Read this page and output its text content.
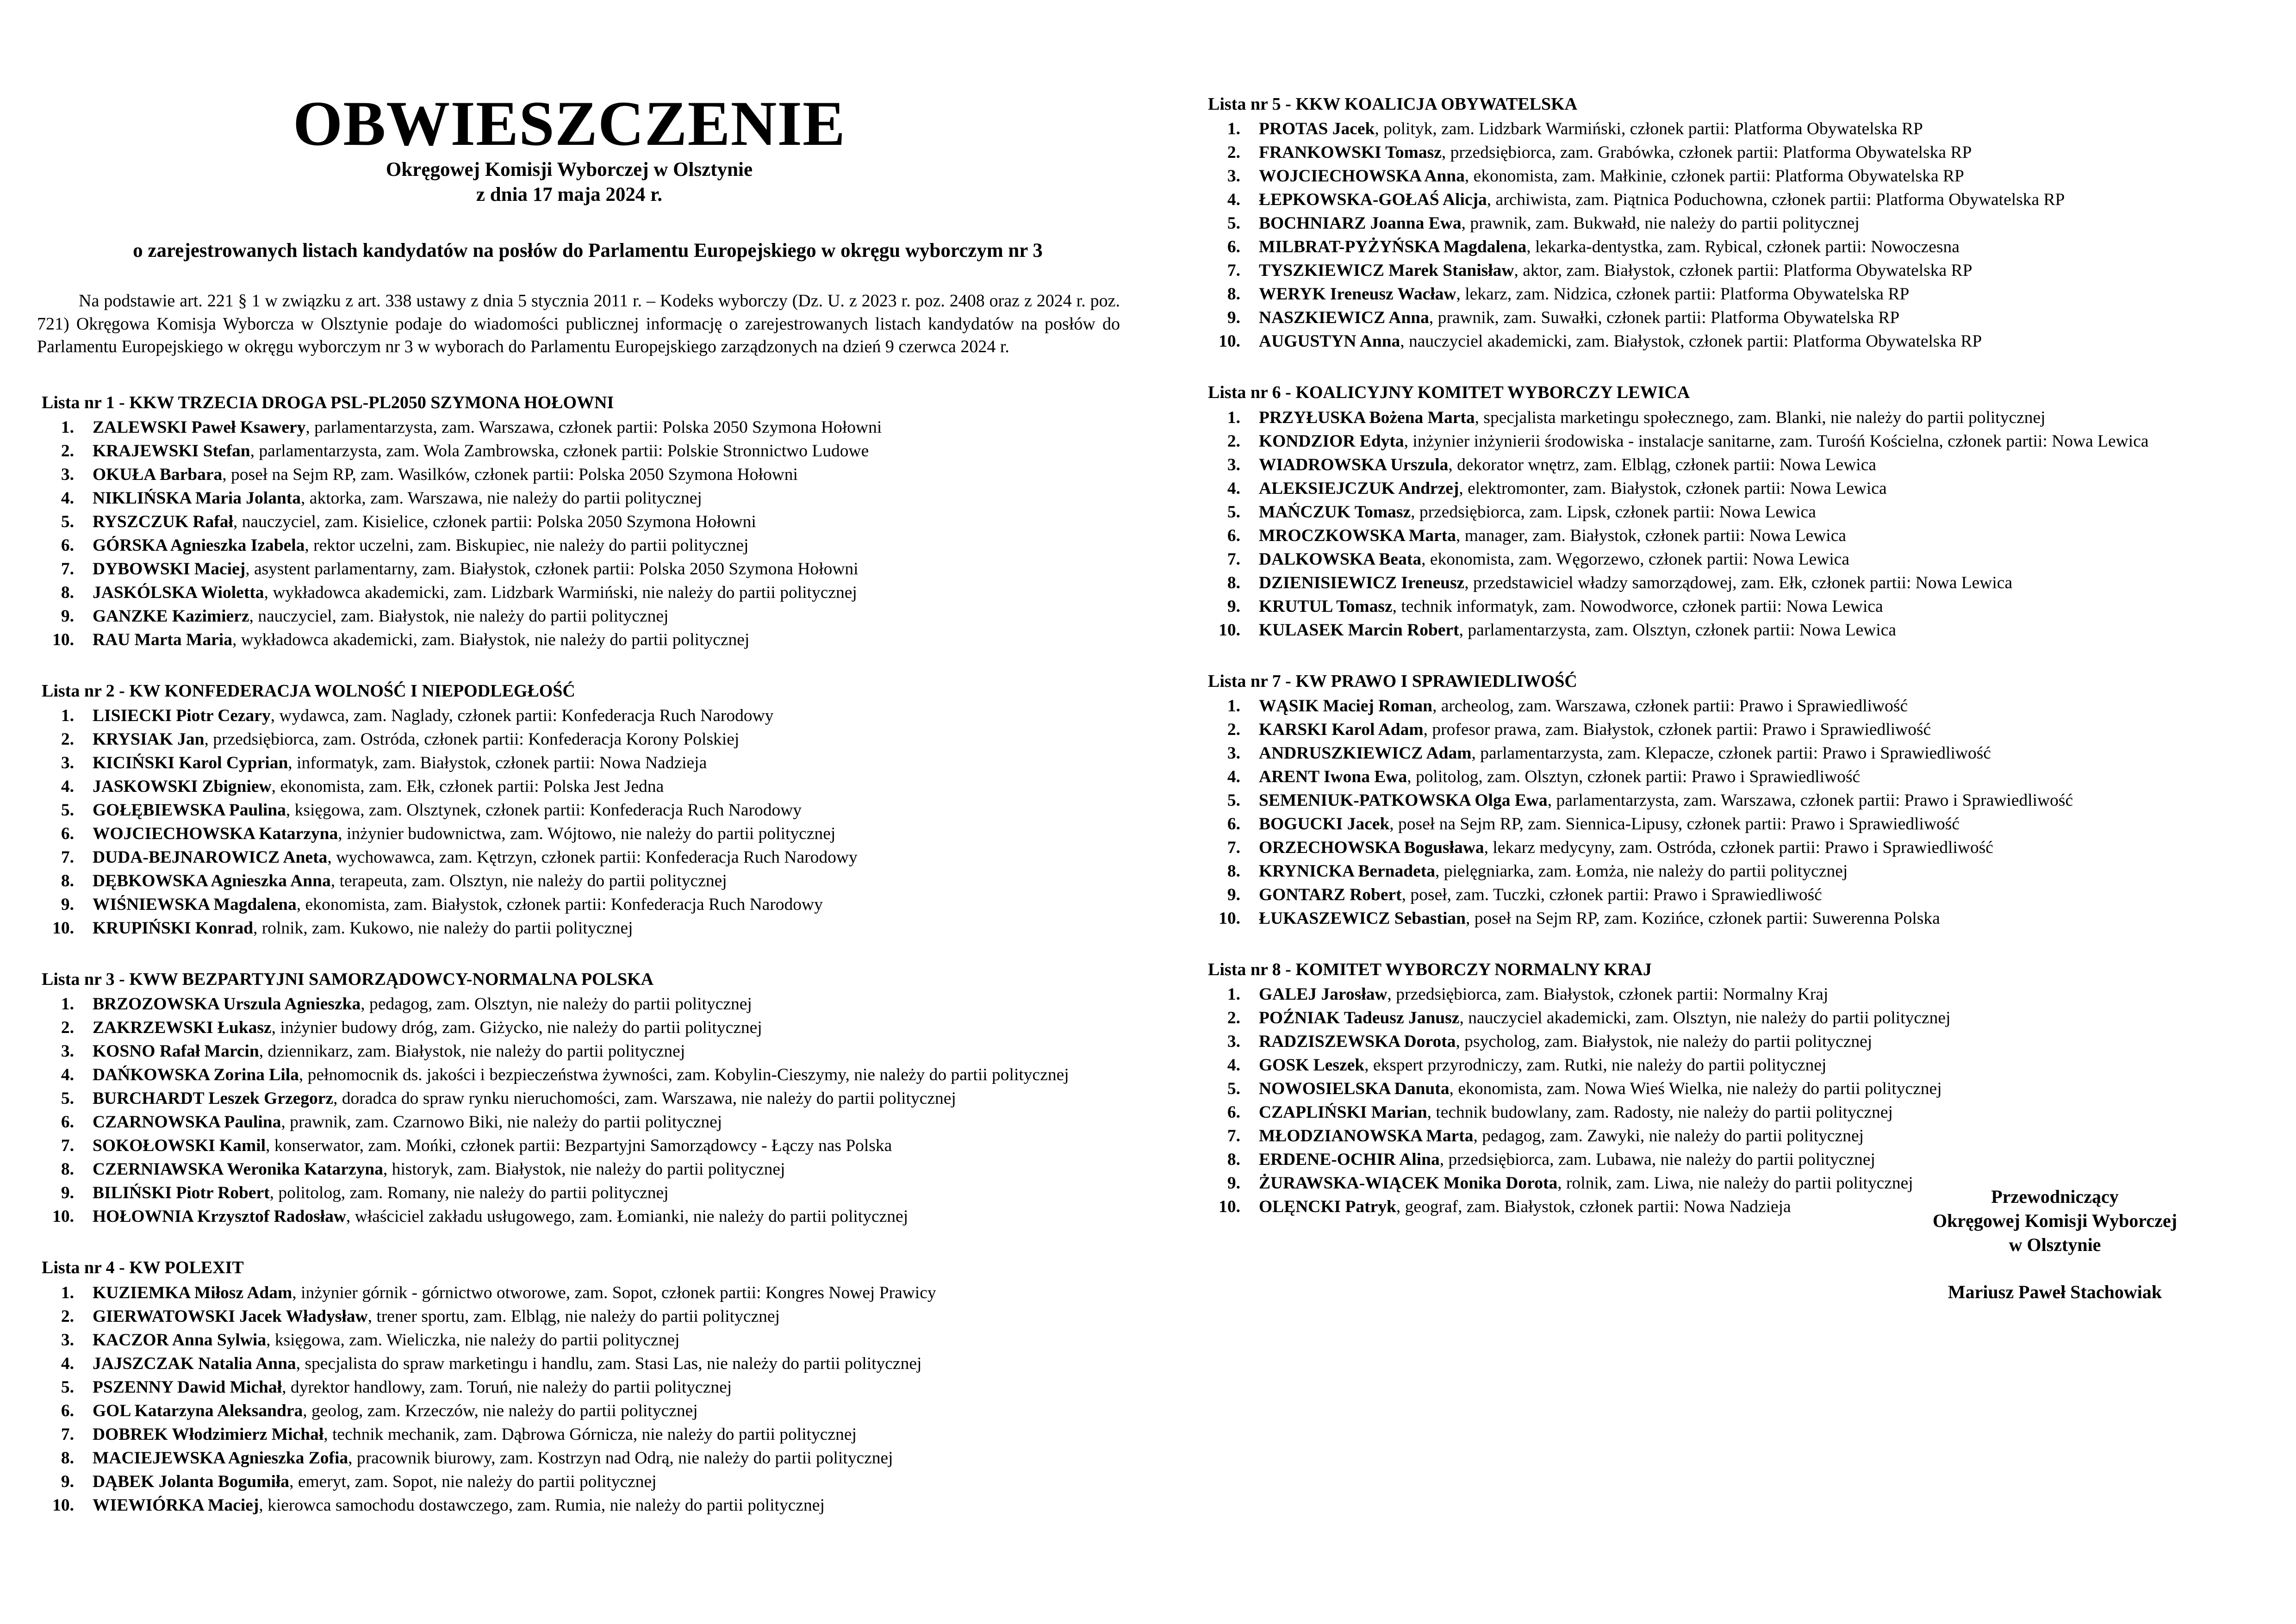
OBWIESZCZENIE

Okręgowej Komisji Wyborczej w Olsztynie

z dnia 17 maja 2024 r.

o zarejestrowanych listach kandydatów na posłów do Parlamentu Europejskiego w okręgu wyborczym nr 3

Na podstawie art. 221 § 1 w związku z art. 338 ustawy z dnia 5 stycznia 2011 r. – Kodeks wyborczy (Dz. U. z 2023 r. poz. 2408 oraz z 2024 r. poz. 721) Okręgowa Komisja Wyborcza w Olsztynie podaje do wiadomości publicznej informację o zarejestrowanych listach kandydatów na posłów do Parlamentu Europejskiego w okręgu wyborczym nr 3 w wyborach do Parlamentu Europejskiego zarządzonych na dzień 9 czerwca 2024 r.

Lista nr 1 - KKW TRZECIA DROGA PSL-PL2050 SZYMONA HOŁOWNI
1.	ZALEWSKI Paweł Ksawery, parlamentarzysta, zam. Warszawa, członek partii: Polska 2050 Szymona Hołowni
2.	KRAJEWSKI Stefan, parlamentarzysta, zam. Wola Zambrowska, członek partii: Polskie Stronnictwo Ludowe
3.	OKUŁA Barbara, poseł na Sejm RP, zam. Wasilków, członek partii: Polska 2050 Szymona Hołowni
4.	NIKLIŃSKA Maria Jolanta, aktorka, zam. Warszawa, nie należy do partii politycznej
5.	RYSZCZUK Rafał, nauczyciel, zam. Kisielice, członek partii: Polska 2050 Szymona Hołowni
6.	GÓRSKA Agnieszka Izabela, rektor uczelni, zam. Biskupiec, nie należy do partii politycznej
7.	DYBOWSKI Maciej, asystent parlamentarny, zam. Białystok, członek partii: Polska 2050 Szymona Hołowni
8.	JASKÓLSKA Wioletta, wykładowca akademicki, zam. Lidzbark Warmiński, nie należy do partii politycznej
9.	GANZKE Kazimierz, nauczyciel, zam. Białystok, nie należy do partii politycznej
10.	RAU Marta Maria, wykładowca akademicki, zam. Białystok, nie należy do partii politycznej
Lista nr 2 - KW KONFEDERACJA WOLNOŚĆ I NIEPODLEGŁOŚĆ
1.	LISIECKI Piotr Cezary, wydawca, zam. Naglady, członek partii: Konfederacja Ruch Narodowy
2.	KRYSIAK Jan, przedsiębiorca, zam. Ostróda, członek partii: Konfederacja Korony Polskiej
3.	KICIŃSKI Karol Cyprian, informatyk, zam. Białystok, członek partii: Nowa Nadzieja
4.	JASKOWSKI Zbigniew, ekonomista, zam. Ełk, członek partii: Polska Jest Jedna
5.	GOŁĘBIEWSKA Paulina, księgowa, zam. Olsztynek, członek partii: Konfederacja Ruch Narodowy
6.	WOJCIECHOWSKA Katarzyna, inżynier budownictwa, zam. Wójtowo, nie należy do partii politycznej
7.	DUDA-BEJNAROWICZ Aneta, wychowawca, zam. Kętrzyn, członek partii: Konfederacja Ruch Narodowy
8.	DĘBKOWSKA Agnieszka Anna, terapeuta, zam. Olsztyn, nie należy do partii politycznej
9.	WIŚNIEWSKA Magdalena, ekonomista, zam. Białystok, członek partii: Konfederacja Ruch Narodowy
10.	KRUPIŃSKI Konrad, rolnik, zam. Kukowo, nie należy do partii politycznej
Lista nr 3 - KWW BEZPARTYJNI SAMORZĄDOWCY-NORMALNA POLSKA
1.	BRZOZOWSKA Urszula Agnieszka, pedagog, zam. Olsztyn, nie należy do partii politycznej
2.	ZAKRZEWSKI Łukasz, inżynier budowy dróg, zam. Giżycko, nie należy do partii politycznej
3.	KOSNO Rafał Marcin, dziennikarz, zam. Białystok, nie należy do partii politycznej
4.	DAŃKOWSKA Zorina Lila, pełnomocnik ds. jakości i bezpieczeństwa żywności, zam. Kobylin-Cieszymy, nie należy do partii politycznej
5.	BURCHARDT Leszek Grzegorz, doradca do spraw rynku nieruchomości, zam. Warszawa, nie należy do partii politycznej
6.	CZARNOWSKA Paulina, prawnik, zam. Czarnowo Biki, nie należy do partii politycznej
7.	SOKOŁOWSKI Kamil, konserwator, zam. Mońki, członek partii: Bezpartyjni Samorządowcy - Łączy nas Polska
8.	CZERNIAWSKA Weronika Katarzyna, historyk, zam. Białystok, nie należy do partii politycznej
9.	BILIŃSKI Piotr Robert, politolog, zam. Romany, nie należy do partii politycznej
10.	HOŁOWNIA Krzysztof Radosław, właściciel zakładu usługowego, zam. Łomianki, nie należy do partii politycznej
Lista nr 4 - KW POLEXIT
1.	KUZIEMKA Miłosz Adam, inżynier górnik - górnictwo otworowe, zam. Sopot, członek partii: Kongres Nowej Prawicy
2.	GIERWATOWSKI Jacek Władysław, trener sportu, zam. Elbląg, nie należy do partii politycznej
3.	KACZOR Anna Sylwia, księgowa, zam. Wieliczka, nie należy do partii politycznej
4.	JAJSZCZAK Natalia Anna, specjalista do spraw marketingu i handlu, zam. Stasi Las, nie należy do partii politycznej
5.	PSZENNY Dawid Michał, dyrektor handlowy, zam. Toruń, nie należy do partii politycznej
6.	GOL Katarzyna Aleksandra, geolog, zam. Krzeczów, nie należy do partii politycznej
7.	DOBREK Włodzimierz Michał, technik mechanik, zam. Dąbrowa Górnicza, nie należy do partii politycznej
8.	MACIEJEWSKA Agnieszka Zofia, pracownik biurowy, zam. Kostrzyn nad Odrą, nie należy do partii politycznej
9.	DĄBEK Jolanta Bogumiła, emeryt, zam. Sopot, nie należy do partii politycznej
10.	WIEWIÓRKA Maciej, kierowca samochodu dostawczego, zam. Rumia, nie należy do partii politycznej
Lista nr 5 - KKW KOALICJA OBYWATELSKA
1.	PROTAS Jacek, polityk, zam. Lidzbark Warmiński, członek partii: Platforma Obywatelska RP
2.	FRANKOWSKI Tomasz, przedsiębiorca, zam. Grabówka, członek partii: Platforma Obywatelska RP
3.	WOJCIECHOWSKA Anna, ekonomista, zam. Małkinie, członek partii: Platforma Obywatelska RP
4.	ŁEPKOWSKA-GOŁAŚ Alicja, archiwista, zam. Piątnica Poduchowna, członek partii: Platforma Obywatelska RP
5.	BOCHNIARZ Joanna Ewa, prawnik, zam. Bukwałd, nie należy do partii politycznej
6.	MILBRAT-PYŻYŃSKA Magdalena, lekarka-dentystka, zam. Rybical, członek partii: Nowoczesna
7.	TYSZKIEWICZ Marek Stanisław, aktor, zam. Białystok, członek partii: Platforma Obywatelska RP
8.	WERYK Ireneusz Wacław, lekarz, zam. Nidzica, członek partii: Platforma Obywatelska RP
9.	NASZKIEWICZ Anna, prawnik, zam. Suwałki, członek partii: Platforma Obywatelska RP
10.	AUGUSTYN Anna, nauczyciel akademicki, zam. Białystok, członek partii: Platforma Obywatelska RP
Lista nr 6 - KOALICYJNY KOMITET WYBORCZY LEWICA
1.	PRZYŁUSKA Bożena Marta, specjalista marketingu społecznego, zam. Blanki, nie należy do partii politycznej
2.	KONDZIOR Edyta, inżynier inżynierii środowiska - instalacje sanitarne, zam. Turośń Kościelna, członek partii: Nowa Lewica
3.	WIADROWSKA Urszula, dekorator wnętrz, zam. Elbląg, członek partii: Nowa Lewica
4.	ALEKSIEJCZUK Andrzej, elektromonter, zam. Białystok, członek partii: Nowa Lewica
5.	MAŃCZUK Tomasz, przedsiębiorca, zam. Lipsk, członek partii: Nowa Lewica
6.	MROCZKOWSKA Marta, manager, zam. Białystok, członek partii: Nowa Lewica
7.	DALKOWSKA Beata, ekonomista, zam. Węgorzewo, członek partii: Nowa Lewica
8.	DZIENISIEWICZ Ireneusz, przedstawiciel władzy samorządowej, zam. Ełk, członek partii: Nowa Lewica
9.	KRUTUL Tomasz, technik informatyk, zam. Nowodworce, członek partii: Nowa Lewica
10.	KULASEK Marcin Robert, parlamentarzysta, zam. Olsztyn, członek partii: Nowa Lewica
Lista nr 7 - KW PRAWO I SPRAWIEDLIWOŚĆ
1.	WĄSIK Maciej Roman, archeolog, zam. Warszawa, członek partii: Prawo i Sprawiedliwość
2.	KARSKI Karol Adam, profesor prawa, zam. Białystok, członek partii: Prawo i Sprawiedliwość
3.	ANDRUSZKIEWICZ Adam, parlamentarzysta, zam. Klepacze, członek partii: Prawo i Sprawiedliwość
4.	ARENT Iwona Ewa, politolog, zam. Olsztyn, członek partii: Prawo i Sprawiedliwość
5.	SEMENIUK-PATKOWSKA Olga Ewa, parlamentarzysta, zam. Warszawa, członek partii: Prawo i Sprawiedliwość
6.	BOGUCKI Jacek, poseł na Sejm RP, zam. Siennica-Lipusy, członek partii: Prawo i Sprawiedliwość
7.	ORZECHOWSKA Bogusława, lekarz medycyny, zam. Ostróda, członek partii: Prawo i Sprawiedliwość
8.	KRYNICKA Bernadeta, pielęgniarka, zam. Łomża, nie należy do partii politycznej
9.	GONTARZ Robert, poseł, zam. Tuczki, członek partii: Prawo i Sprawiedliwość
10.	ŁUKASZEWICZ Sebastian, poseł na Sejm RP, zam. Kozińce, członek partii: Suwerenna Polska
Lista nr 8 - KOMITET WYBORCZY NORMALNY KRAJ
1.	GALEJ Jarosław, przedsiębiorca, zam. Białystok, członek partii: Normalny Kraj
2.	POŹNIAK Tadeusz Janusz, nauczyciel akademicki, zam. Olsztyn, nie należy do partii politycznej
3.	RADZISZEWSKA Dorota, psycholog, zam. Białystok, nie należy do partii politycznej
4.	GOSK Leszek, ekspert przyrodniczy, zam. Rutki, nie należy do partii politycznej
5.	NOWOSIELSKA Danuta, ekonomista, zam. Nowa Wieś Wielka, nie należy do partii politycznej
6.	CZAPLIŃSKI Marian, technik budowlany, zam. Radosty, nie należy do partii politycznej
7.	MŁODZIANOWSKA Marta, pedagog, zam. Zawyki, nie należy do partii politycznej
8.	ERDENE-OCHIR Alina, przedsiębiorca, zam. Lubawa, nie należy do partii politycznej
9.	ŻURAWSKA-WIĄCEK Monika Dorota, rolnik, zam. Liwa, nie należy do partii politycznej
10.	OLĘNCKI Patryk, geograf, zam. Białystok, członek partii: Nowa Nadzieja	Przewodniczący
Okręgowej Komisji Wyborczej
w Olsztynie
Mariusz Paweł Stachowiak
